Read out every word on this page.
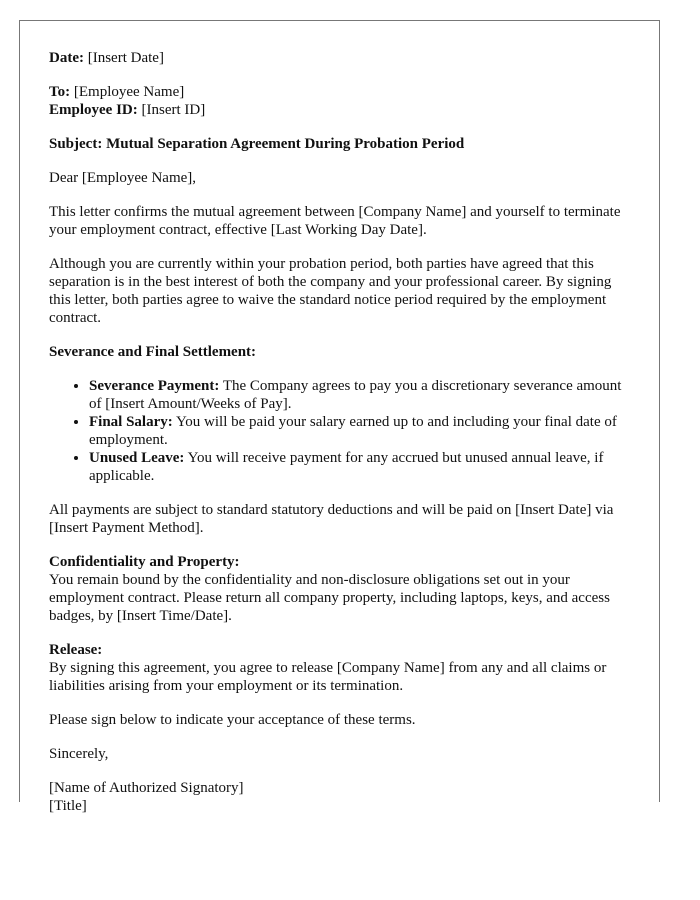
Date: [Insert Date]

To: [Employee Name]
Employee ID: [Insert ID]

Subject: Mutual Separation Agreement During Probation Period

Dear [Employee Name],

This letter confirms the mutual agreement between [Company Name] and yourself to terminate your employment contract, effective [Last Working Day Date].

Although you are currently within your probation period, both parties have agreed that this separation is in the best interest of both the company and your professional career. By signing this letter, both parties agree to waive the standard notice period required by the employment contract.

Severance and Final Settlement:

• Severance Payment: The Company agrees to pay you a discretionary severance amount of [Insert Amount/Weeks of Pay].
• Final Salary: You will be paid your salary earned up to and including your final date of employment.
• Unused Leave: You will receive payment for any accrued but unused annual leave, if applicable.

All payments are subject to standard statutory deductions and will be paid on [Insert Date] via [Insert Payment Method].

Confidentiality and Property:
You remain bound by the confidentiality and non-disclosure obligations set out in your employment contract. Please return all company property, including laptops, keys, and access badges, by [Insert Time/Date].

Release:
By signing this agreement, you agree to release [Company Name] from any and all claims or liabilities arising from your employment or its termination.

Please sign below to indicate your acceptance of these terms.

Sincerely,

[Name of Authorized Signatory]
[Title]
